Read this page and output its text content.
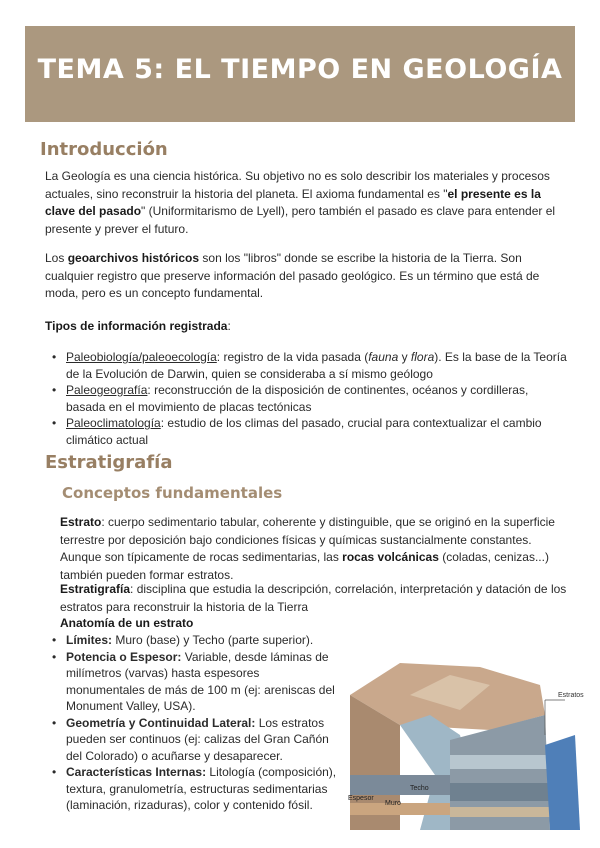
TEMA 5: EL TIEMPO EN GEOLOGÍA
Introducción

La Geología es una ciencia histórica. Su objetivo no es solo describir los materiales y procesos actuales, sino reconstruir la historia del planeta. El axioma fundamental es "el presente es la clave del pasado" (Uniformitarismo de Lyell), pero también el pasado es clave para entender el presente y prever el futuro.

Los geoarchivos históricos son los "libros" donde se escribe la historia de la Tierra. Son cualquier registro que preserve información del pasado geológico. Es un término que está de moda, pero es un concepto fundamental.

Tipos de información registrada:

• Paleobiología/paleoecología: registro de la vida pasada (fauna y flora). Es la base de la Teoría de la Evolución de Darwin, quien se consideraba a sí mismo geólogo
• Paleogeografía: reconstrucción de la disposición de continentes, océanos y cordilleras, basada en el movimiento de placas tectónicas
• Paleoclimatología: estudio de los climas del pasado, crucial para contextualizar el cambio climático actual
Estratigrafía
Conceptos fundamentales

Estrato: cuerpo sedimentario tabular, coherente y distinguible, que se originó en la superficie terrestre por deposición bajo condiciones físicas y químicas sustancialmente constantes. Aunque son típicamente de rocas sedimentarias, las rocas volcánicas (coladas, cenizas...) también pueden formar estratos.

Estratigrafía: disciplina que estudia la descripción, correlación, interpretación y datación de los estratos para reconstruir la historia de la Tierra

Anatomía de un estrato

• Límites: Muro (base) y Techo (parte superior).
• Potencia o Espesor: Variable, desde láminas de milímetros (varvas) hasta espesores monumentales de más de 100 m (ej: areniscas del Monument Valley, USA).
• Geometría y Continuidad Lateral: Los estratos pueden ser continuos (ej: calizas del Gran Cañón del Colorado) o acuñarse y desaparecer.
• Características Internas: Litología (composición), textura, granulometría, estructuras sedimentarias (laminación, rizaduras), color y contenido fósil.
Estratos
Techo
Espesor
Muro
